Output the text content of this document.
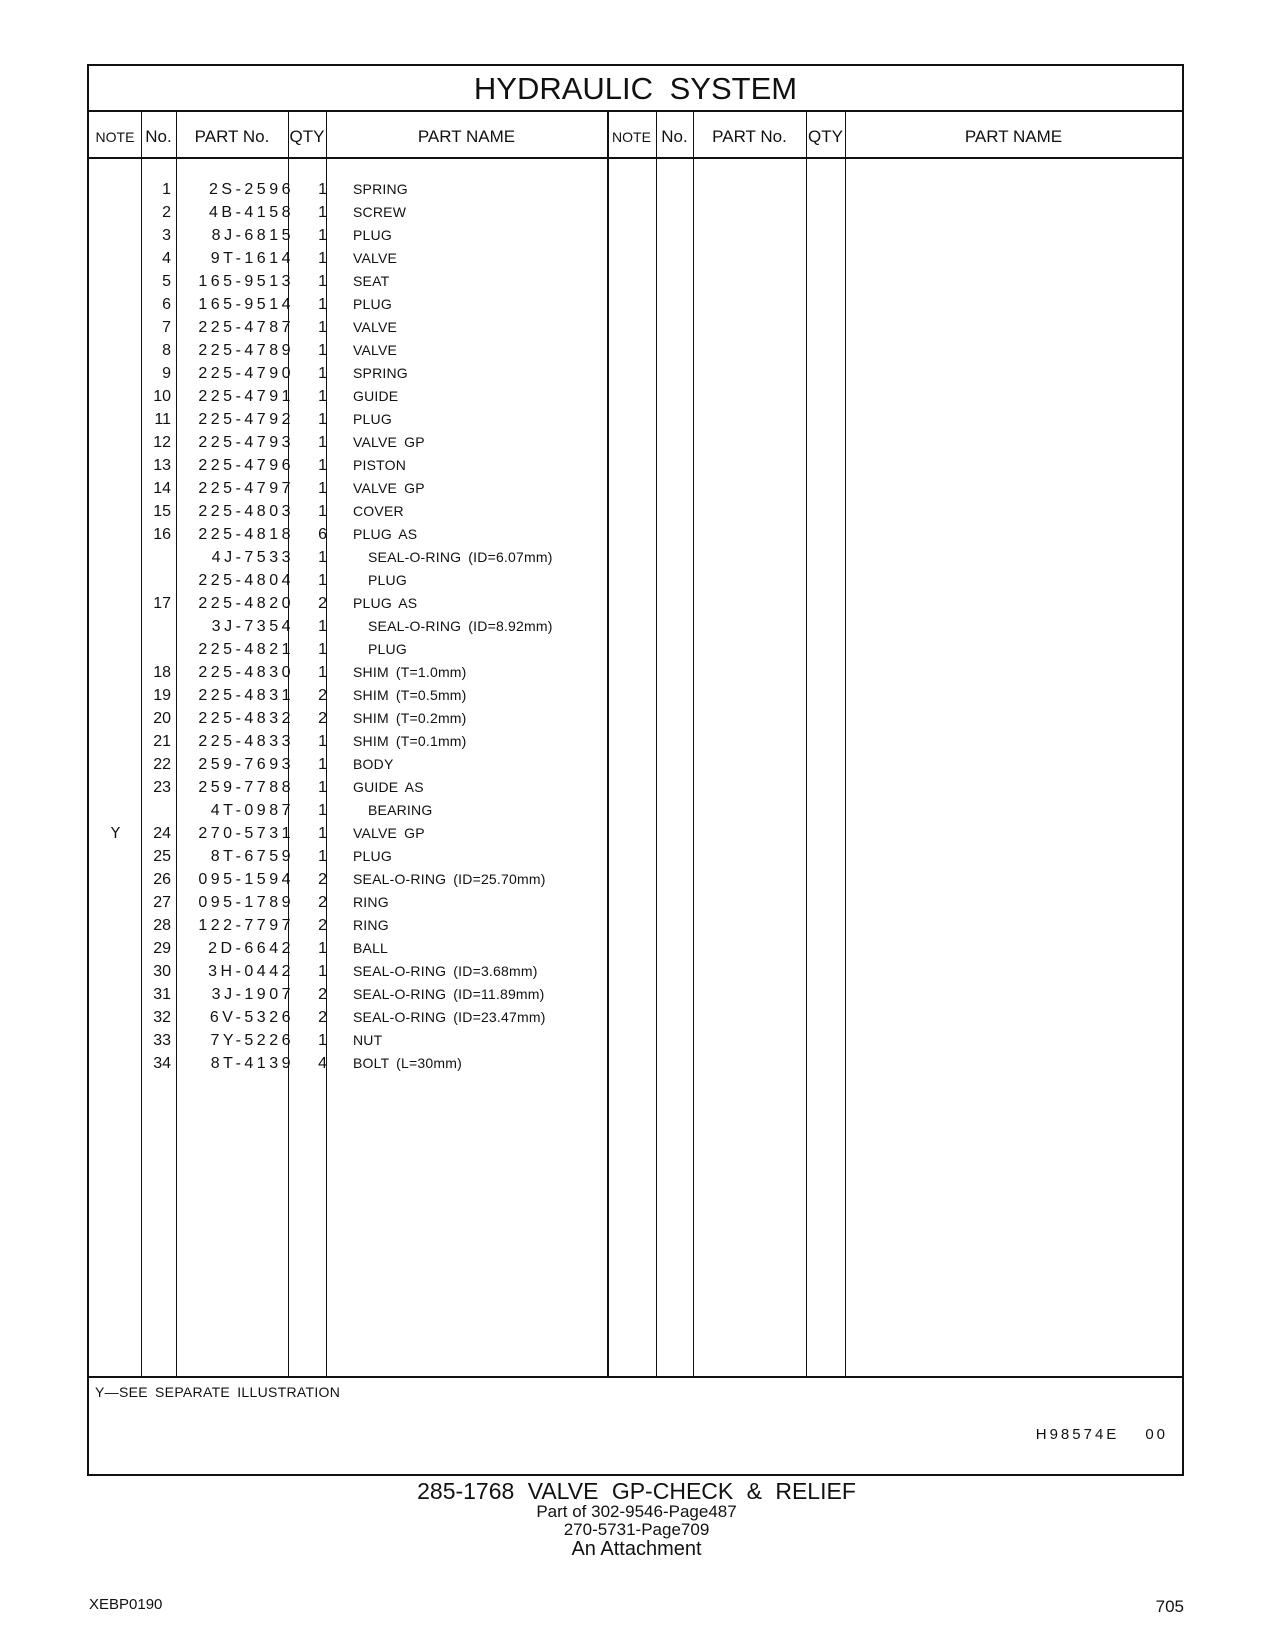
HYDRAULIC SYSTEM
NOTE No.	PART No.	QTY	PART NAME	NOTE No.	PART No.	QTY	PART NAME
1	2S-2596	1 SPRING
2	4B-4158	1 SCREW
3	8J-6815	1 PLUG
4	9T-1614	1 VALVE
5	165-9513	1 SEAT
6	165-9514	1 PLUG
7	225-4787	1 VALVE
8	225-4789	1 VALVE
9	225-4790	1 SPRING
10	225-4791	1 GUIDE
11	225-4792	1 PLUG
12	225-4793	1 VALVE GP
13	225-4796	1 PISTON
14	225-4797	1 VALVE GP
15	225-4803	1 COVER
16	225-4818	6 PLUG AS
4J-7533	1	SEAL-O-RING (ID=6.07mm)
225-4804	1	PLUG
17	225-4820	2 PLUG AS
3J-7354	1	SEAL-O-RING (ID=8.92mm)
225-4821	1	PLUG
18	225-4830	1 SHIM (T=1.0mm)
19	225-4831	2 SHIM (T=0.5mm)
20	225-4832	2 SHIM (T=0.2mm)
21	225-4833	1 SHIM (T=0.1mm)
22	259-7693	1 BODY
23	259-7788	1 GUIDE AS
4T-0987	1	BEARING
Y	24	270-5731	1 VALVE GP
25	8T-6759	1 PLUG
26	095-1594	2 SEAL-O-RING (ID=25.70mm)
27	095-1789	2 RING
28	122-7797	2 RING
29	2D-6642	1 BALL
30	3H-0442	1 SEAL-O-RING (ID=3.68mm)
31	3J-1907	2 SEAL-O-RING (ID=11.89mm)
32	6V-5326	2 SEAL-O-RING (ID=23.47mm)
33	7Y-5226	1 NUT
34	8T-4139	4 BOLT (L=30mm)
Y—SEE SEPARATE ILLUSTRATION
H98574E 00
285-1768 VALVE GP-CHECK & RELIEF
Part of 302-9546-Page487
270-5731-Page709
An Attachment
XEBP0190	705
